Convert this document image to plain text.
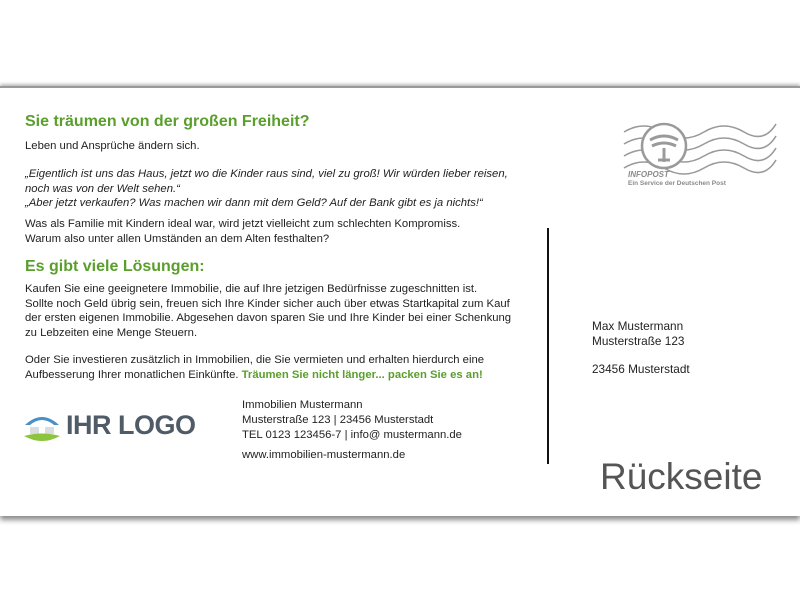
Sie träumen von der großen Freiheit?

Leben und Ansprüche ändern sich.

„Eigentlich ist uns das Haus, jetzt wo die Kinder raus sind, viel zu groß! Wir würden lieber reisen,
noch was von der Welt sehen.“
„Aber jetzt verkaufen? Was machen wir dann mit dem Geld? Auf der Bank gibt es ja nichts!“

Was als Familie mit Kindern ideal war, wird jetzt vielleicht zum schlechten Kompromiss.
Warum also unter allen Umständen an dem Alten festhalten?

Es gibt viele Lösungen:

Kaufen Sie eine geeignetere Immobilie, die auf Ihre jetzigen Bedürfnisse zugeschnitten ist.
Sollte noch Geld übrig sein, freuen sich Ihre Kinder sicher auch über etwas Startkapital zum Kauf
der ersten eigenen Immobilie. Abgesehen davon sparen Sie und Ihre Kinder bei einer Schenkung
zu Lebzeiten eine Menge Steuern.

Oder Sie investieren zusätzlich in Immobilien, die Sie vermieten und erhalten hierdurch eine
Aufbesserung Ihrer monatlichen Einkünfte. Träumen Sie nicht länger... packen Sie es an!

IHR LOGO
Immobilien Mustermann
Musterstraße 123 | 23456 Musterstadt
TEL 0123 123456-7 | info@ mustermann.de
www.immobilien-mustermann.de
INFOPOST
Ein Service der Deutschen Post
Max Mustermann
Musterstraße 123
23456 Musterstadt
Rückseite
